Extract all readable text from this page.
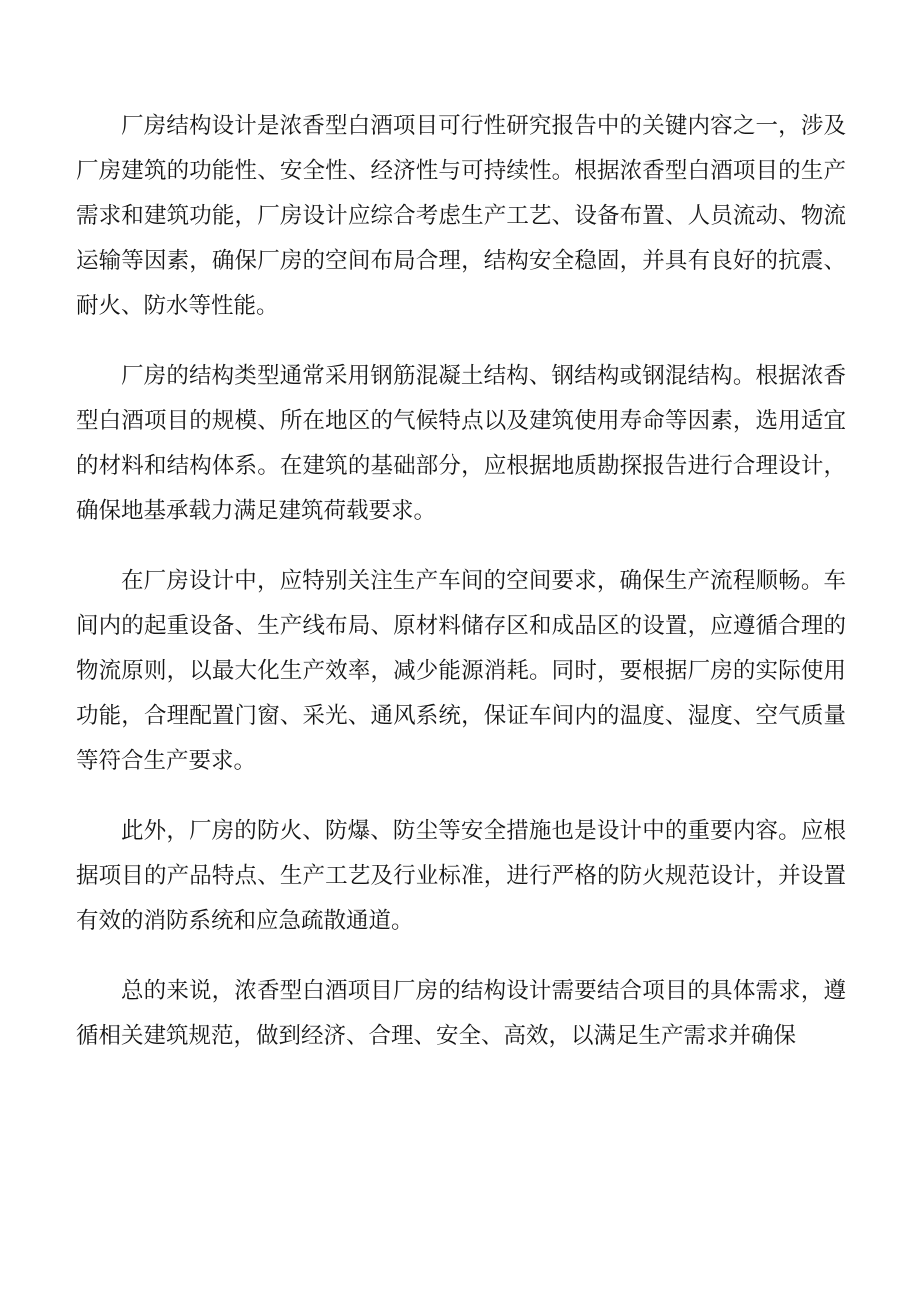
厂房结构设计是浓香型白酒项目可行性研究报告中的关键内容之一，涉及厂房建筑的功能性、安全性、经济性与可持续性。根据浓香型白酒项目的生产需求和建筑功能，厂房设计应综合考虑生产工艺、设备布置、人员流动、物流运输等因素，确保厂房的空间布局合理，结构安全稳固，并具有良好的抗震、耐火、防水等性能。

厂房的结构类型通常采用钢筋混凝土结构、钢结构或钢混结构。根据浓香型白酒项目的规模、所在地区的气候特点以及建筑使用寿命等因素，选用适宜的材料和结构体系。在建筑的基础部分，应根据地质勘探报告进行合理设计，确保地基承载力满足建筑荷载要求。

在厂房设计中，应特别关注生产车间的空间要求，确保生产流程顺畅。车间内的起重设备、生产线布局、原材料储存区和成品区的设置，应遵循合理的物流原则，以最大化生产效率，减少能源消耗。同时，要根据厂房的实际使用功能，合理配置门窗、采光、通风系统，保证车间内的温度、湿度、空气质量等符合生产要求。

此外，厂房的防火、防爆、防尘等安全措施也是设计中的重要内容。应根据项目的产品特点、生产工艺及行业标准，进行严格的防火规范设计，并设置有效的消防系统和应急疏散通道。

总的来说，浓香型白酒项目厂房的结构设计需要结合项目的具体需求，遵循相关建筑规范，做到经济、合理、安全、高效，以满足生产需求并确保
